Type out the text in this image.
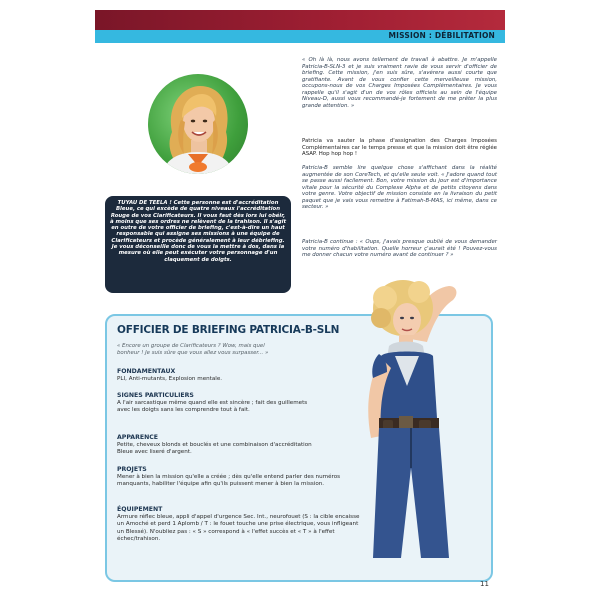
MISSION : DÉBILITATION
TUYAU DE TEELA ! Cette personne est d'accréditation Bleue, ce qui excède de quatre niveaux l'accréditation Rouge de vos Clarificateurs. Il vous faut dès lors lui obéir, à moins que ses ordres ne relèvent de la trahison. Il s'agit en outre de votre officier de briefing, c'est-à-dire un haut responsable qui assigne ses missions à une équipe de Clarificateurs et procède généralement à leur débriefing. Je vous déconseille donc de vous la mettre à dos, dans la mesure où elle peut exécuter votre personnage d'un claquement de doigts.
« Oh là là, nous avons tellement de travail à abattre. Je m'appelle Patricia-B-SLN-3 et je suis vraiment ravie de vous servir d'officier de briefing. Cette mission, j'en suis sûre, s'avérera aussi courte que gratifiante. Avant de vous confier cette merveilleuse mission, occupons-nous de vos Charges Imposées Complémentaires. Je vous rappelle qu'il s'agit d'un de vos rôles officiels au sein de l'équipe Niveau-D, aussi vous recommandé-je fortement de me prêter la plus grande attention. »
Patricia va sauter la phase d'assignation des Charges Imposées Complémentaires car le temps presse et que la mission doit être réglée ASAP. Hop hop hop !
Patricia-B semble lire quelque chose s'affichant dans la réalité augmentée de son CoreTech, et qu'elle seule voit. « J'adore quand tout se passe aussi facilement. Bon, votre mission du jour est d'importance vitale pour la sécurité du Complexe Alpha et de petits citoyens dans votre genre. Votre objectif de mission consiste en la livraison du petit paquet que je vais vous remettre à Fatimah-B-MAS, ici même, dans ce secteur. »
Patricia-B continue : « Oups, j'avais presque oublié de vous demander votre numéro d'habilitation. Quelle horreur ç'aurait été ! Pouvez-vous me donner chacun votre numéro avant de continuer ? »
OFFICIER DE BRIEFING PATRICIA-B-SLN
« Encore un groupe de Clarificateurs ? Wow, mais quel bonheur ! Je suis sûre que vous allez vous surpasser... »
FONDAMENTAUX
PLI, Anti-mutants, Explosion mentale.
SIGNES PARTICULIERS
A l'air sarcastique même quand elle est sincère ; fait des guillemets avec les doigts sans les comprendre tout à fait.
APPARENCE
Petite, cheveux blonds et bouclés et une combinaison d'accréditation Bleue avec liseré d'argent.
PROJETS
Mener à bien la mission qu'elle a créée ; dès qu'elle entend parler des numéros manquants, habiliter l'équipe afin qu'ils puissent mener à bien la mission.
ÉQUIPEMENT
Armure réflec bleue, appli d'appel d'urgence Sec. Int., neurofouet (S : la cible encaisse un Amoché et perd 1 Aplomb / T : le fouet touche une prise électrique, vous infligeant un Blessé). N'oubliez pas : « S » correspond à « l'effet succès et « T » à l'effet échec/trahison.
11
